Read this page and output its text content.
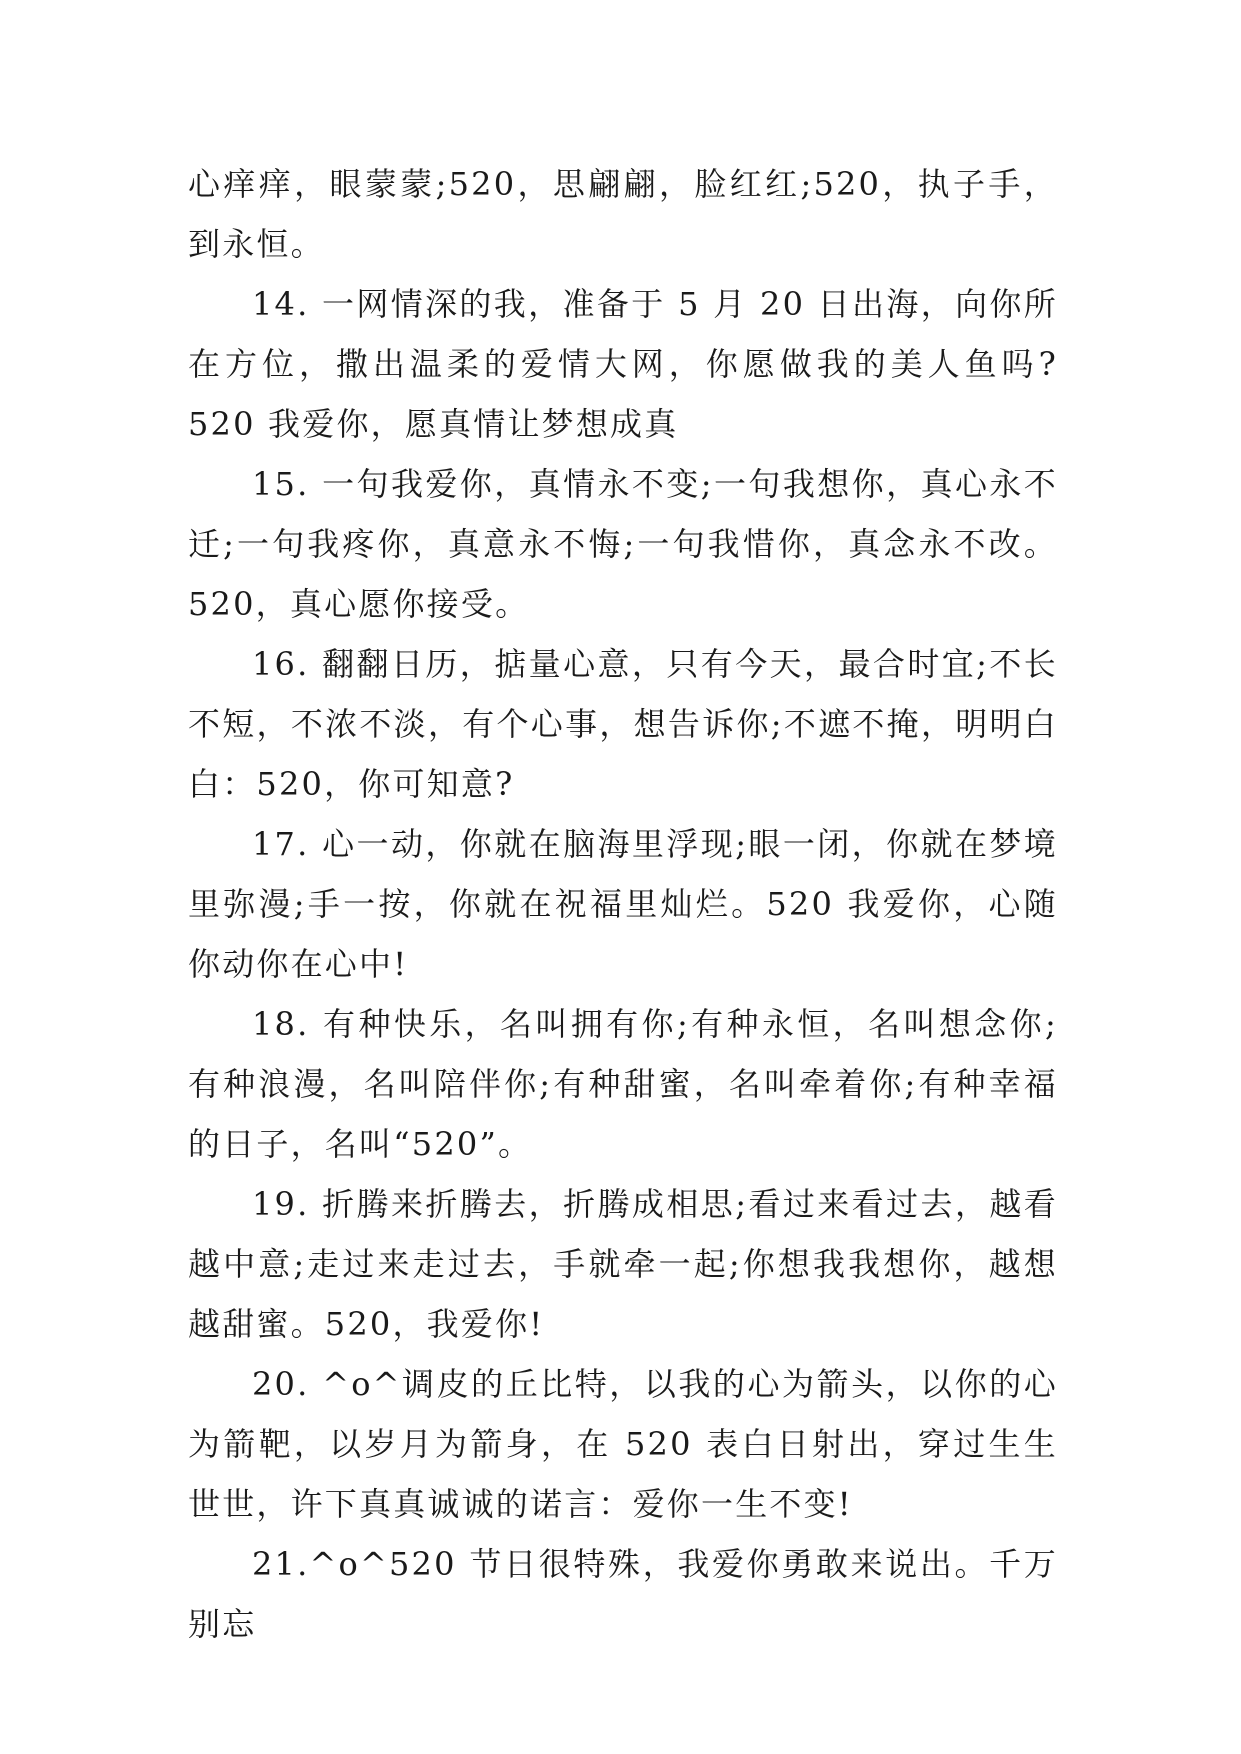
心痒痒，眼蒙蒙;520，思翩翩，脸红红;520，执子手，到永恒。

14. 一网情深的我，准备于 5 月 20 日出海，向你所在方位，撒出温柔的爱情大网，你愿做我的美人鱼吗?520 我爱你，愿真情让梦想成真

15. 一句我爱你，真情永不变;一句我想你，真心永不迁;一句我疼你，真意永不悔;一句我惜你，真念永不改。520，真心愿你接受。

16. 翻翻日历，掂量心意，只有今天，最合时宜;不长不短，不浓不淡，有个心事，想告诉你;不遮不掩，明明白白：520，你可知意?

17. 心一动，你就在脑海里浮现;眼一闭，你就在梦境里弥漫;手一按，你就在祝福里灿烂。520 我爱你，心随你动你在心中!

18. 有种快乐，名叫拥有你;有种永恒，名叫想念你;有种浪漫，名叫陪伴你;有种甜蜜，名叫牵着你;有种幸福的日子，名叫“520”。

19. 折腾来折腾去，折腾成相思;看过来看过去，越看越中意;走过来走过去，手就牵一起;你想我我想你，越想越甜蜜。520，我爱你!

20. ^o^调皮的丘比特，以我的心为箭头，以你的心为箭靶，以岁月为箭身，在 520 表白日射出，穿过生生世世，许下真真诚诚的诺言：爱你一生不变!

21.^o^520 节日很特殊，我爱你勇敢来说出。千万别忘
